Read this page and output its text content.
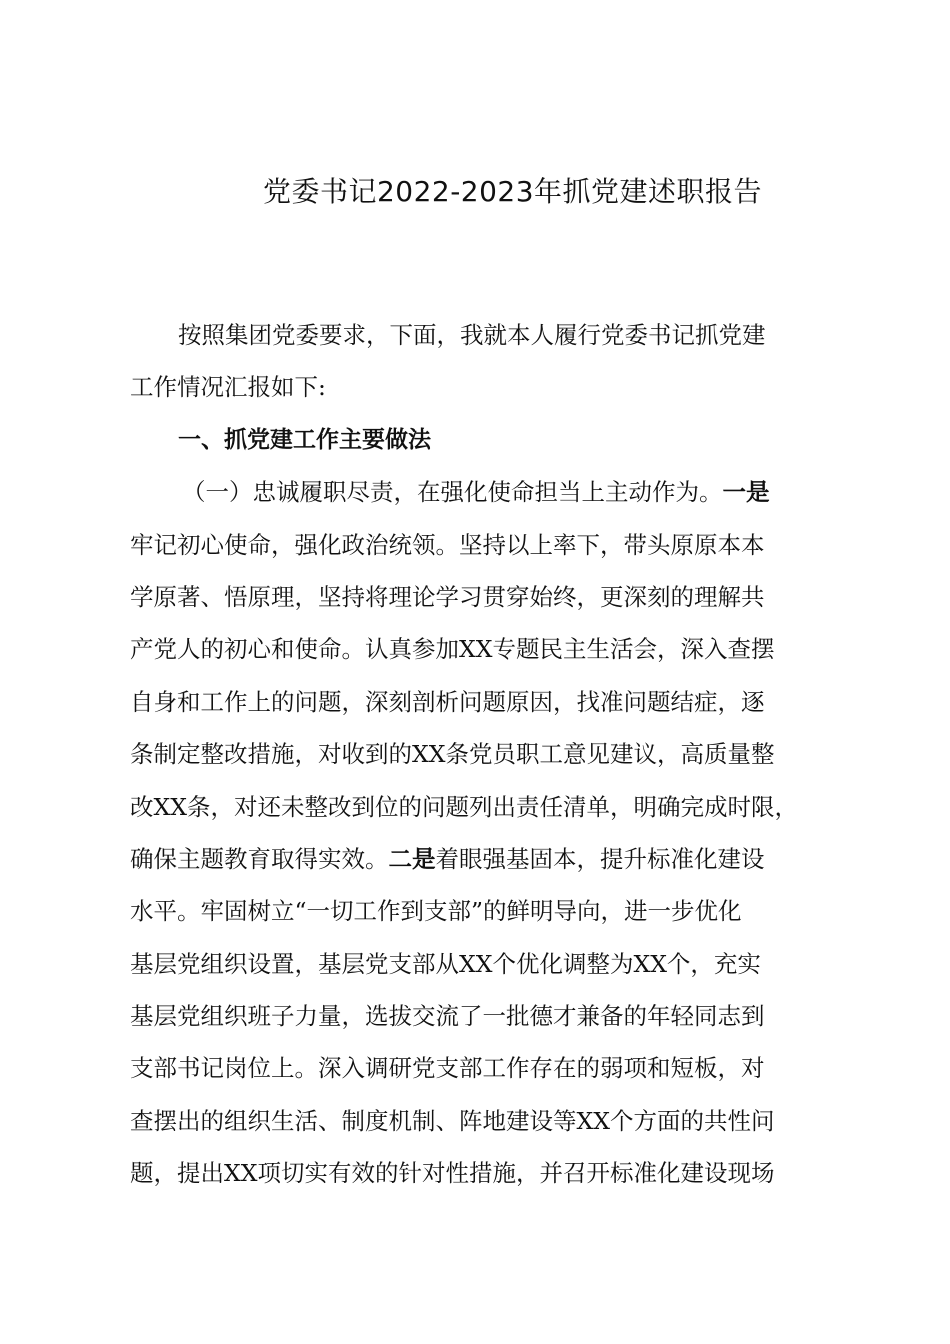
党委书记2022-2023年抓党建述职报告
按照集团党委要求，下面，我就本人履行党委书记抓党建
工作情况汇报如下:
一、抓党建工作主要做法
（一）忠诚履职尽责，在强化使命担当上主动作为。一是
牢记初心使命，强化政治统领。坚持以上率下，带头原原本本
学原著、悟原理，坚持将理论学习贯穿始终，更深刻的理解共
产党人的初心和使命。认真参加XX专题民主生活会，深入查摆
自身和工作上的问题，深刻剖析问题原因，找准问题结症，逐
条制定整改措施，对收到的XX条党员职工意见建议，高质量整
改XX条，对还未整改到位的问题列出责任清单，明确完成时限，
确保主题教育取得实效。二是着眼强基固本，提升标准化建设
水平。牢固树立“一切工作到支部”的鲜明导向，进一步优化
基层党组织设置，基层党支部从XX个优化调整为XX个，充实
基层党组织班子力量，选拔交流了一批德才兼备的年轻同志到
支部书记岗位上。深入调研党支部工作存在的弱项和短板，对
查摆出的组织生活、制度机制、阵地建设等XX个方面的共性问
题，提出XX项切实有效的针对性措施，并召开标准化建设现场
